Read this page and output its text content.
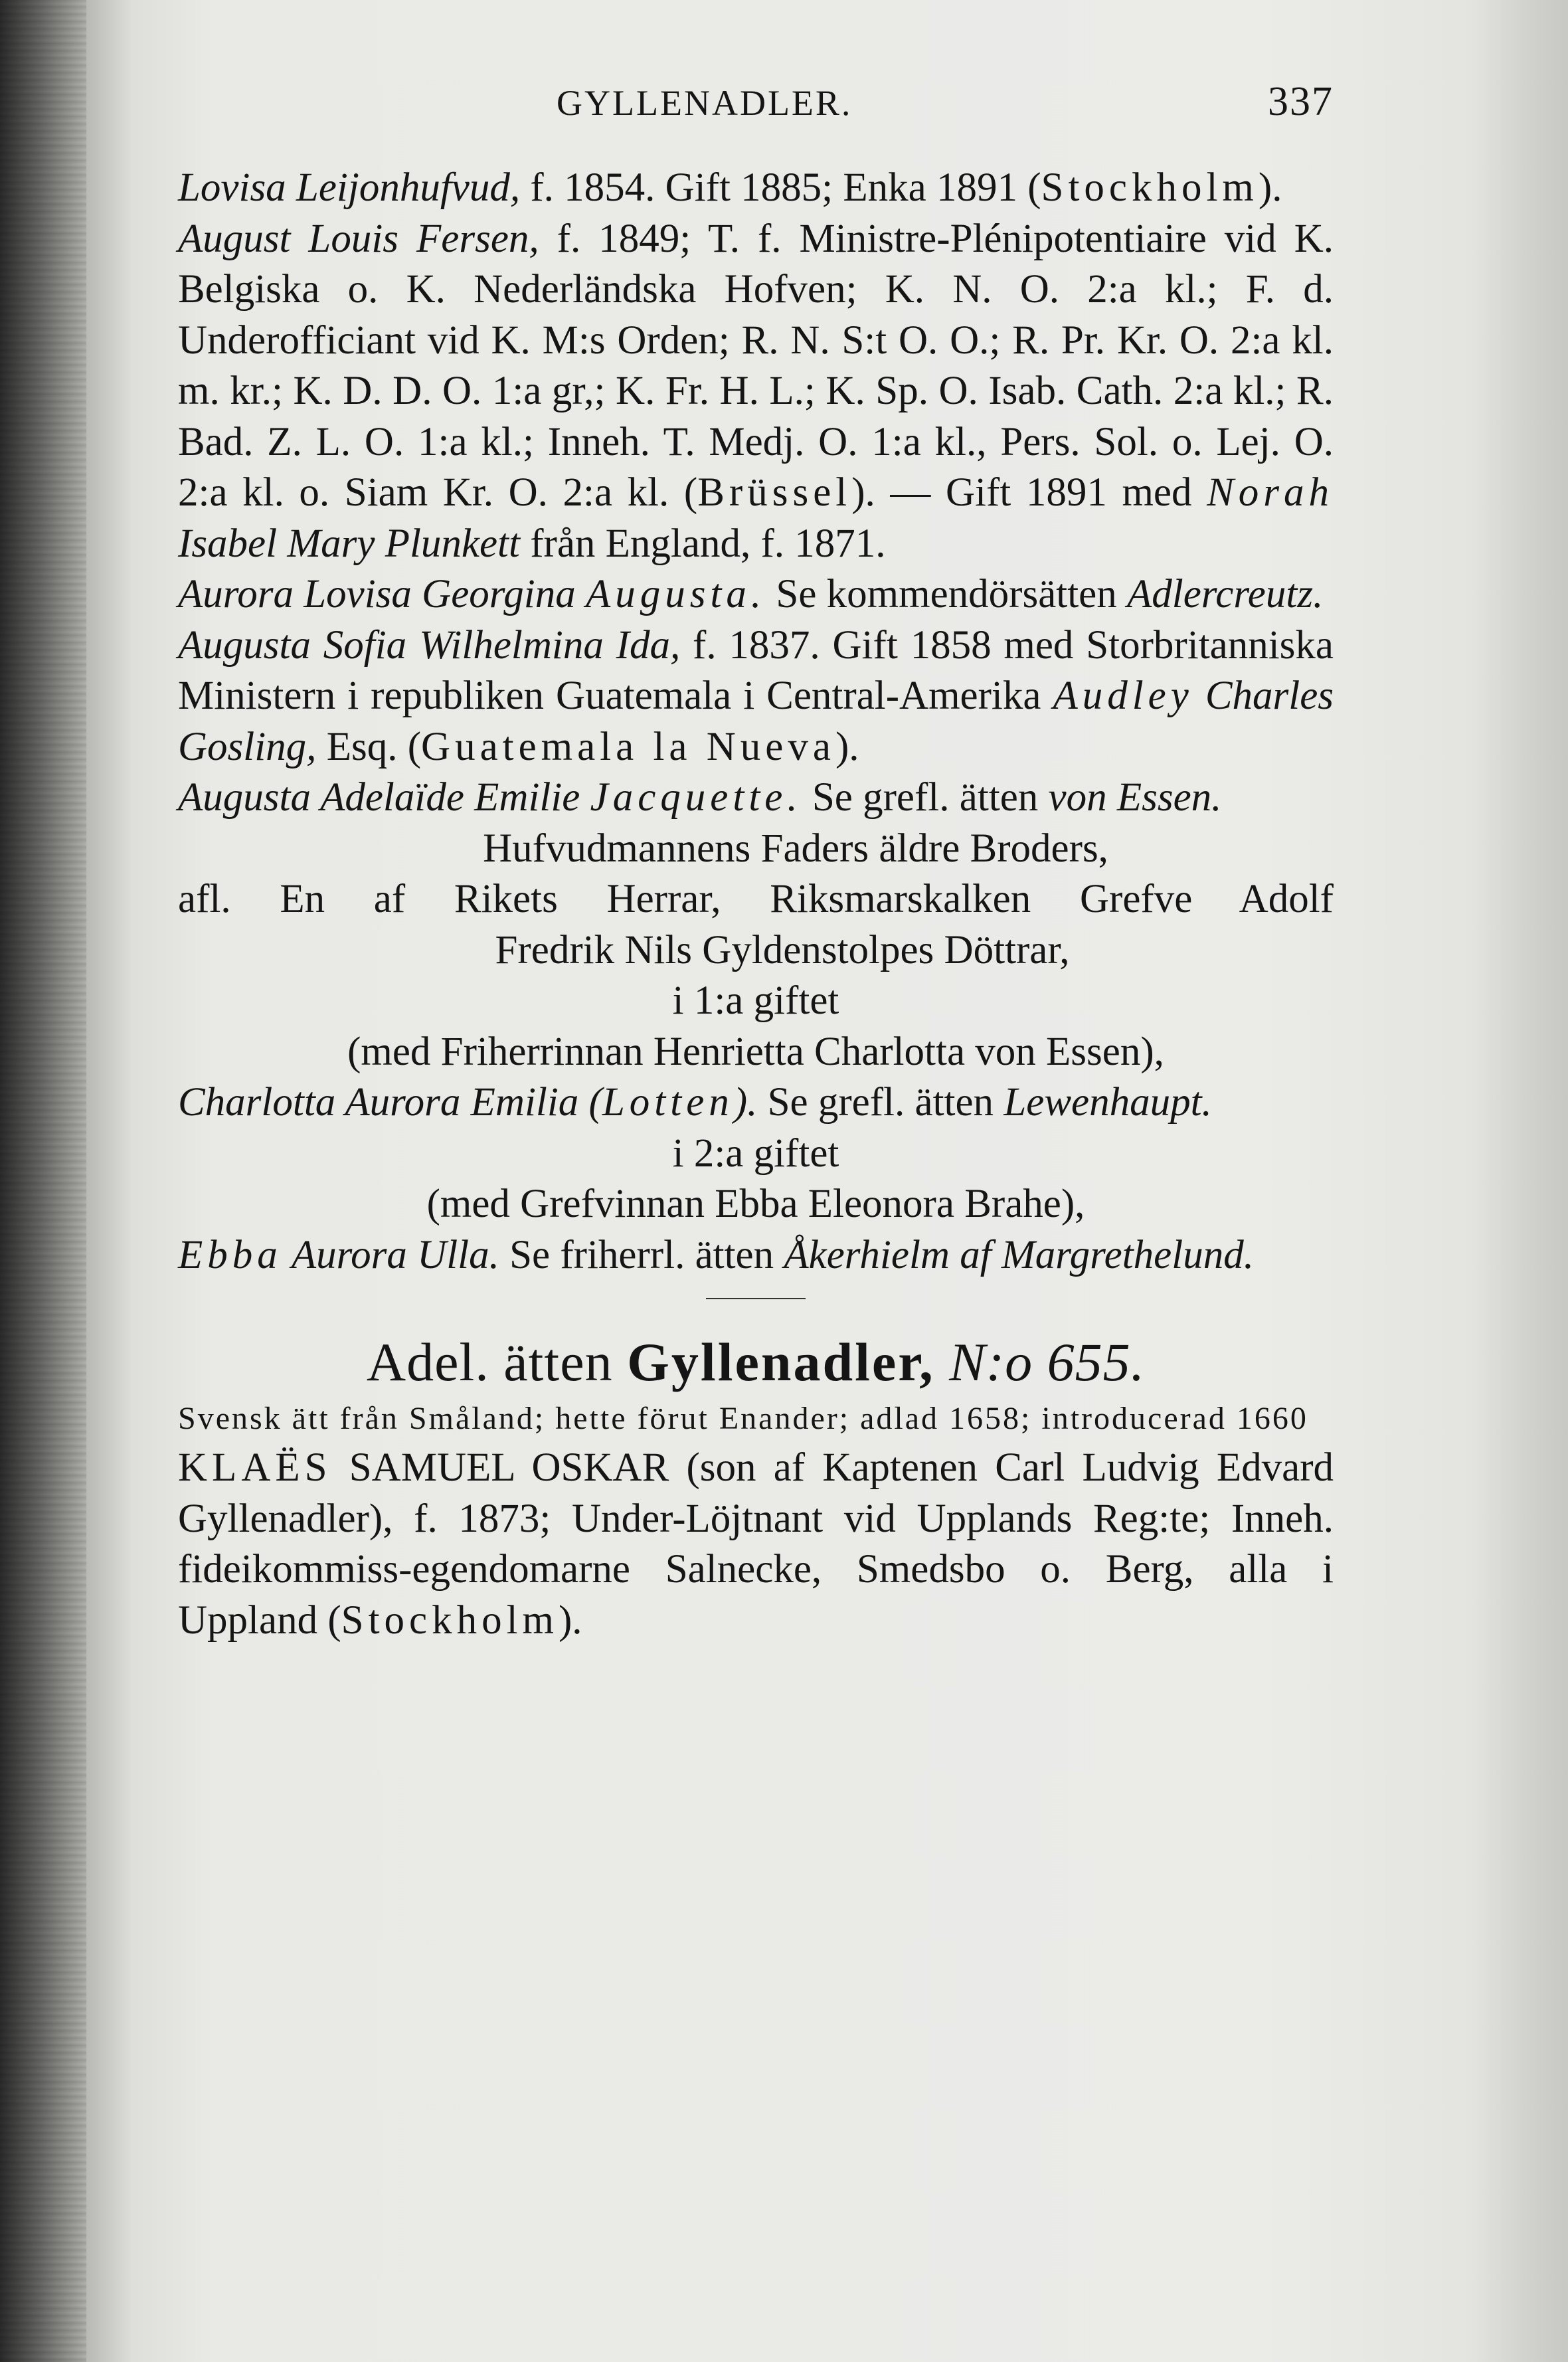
GYLLENADLER.	337

Lovisa Leijonhufvud, f. 1854. Gift 1885; Enka 1891 (Stockholm).

August Louis Fersen, f. 1849; T. f. Ministre-Plénipotentiaire vid K. Belgiska o. K. Nederländska Hofven; K. N. O. 2:a kl.; F. d. Underofficiant vid K. M:s Orden; R. N. S:t O. O.; R. Pr. Kr. O. 2:a kl. m. kr.; K. D. D. O. 1:a gr,; K. Fr. H. L.; K. Sp. O. Isab. Cath. 2:a kl.; R. Bad. Z. L. O. 1:a kl.; Inneh. T. Medj. O. 1:a kl., Pers. Sol. o. Lej. O. 2:a kl. o. Siam Kr. O. 2:a kl. (Brüssel). — Gift 1891 med Norah Isabel Mary Plunkett från England, f. 1871.

Aurora Lovisa Georgina Augusta. Se kommendörsätten Adlercreutz.

Augusta Sofia Wilhelmina Ida, f. 1837. Gift 1858 med Storbritanniska Ministern i republiken Guatemala i Central-Amerika Audley Charles Gosling, Esq. (Guatemala la Nueva).

Augusta Adelaïde Emilie Jacquette. Se grefl. ätten von Essen.

Hufvudmannens Faders äldre Broders,
afl. En af Rikets Herrar, Riksmarskalken Grefve Adolf
Fredrik Nils Gyldenstolpes Döttrar,
i 1:a giftet
(med Friherrinnan Henrietta Charlotta von Essen),

Charlotta Aurora Emilia (Lotten). Se grefl. ätten Lewenhaupt.

i 2:a giftet
(med Grefvinnan Ebba Eleonora Brahe),

Ebba Aurora Ulla. Se friherrl. ätten Åkerhielm af Margrethelund.

Adel. ätten Gyllenadler, N:o 655.

Svensk ätt från Småland; hette förut Enander; adlad 1658; introducerad 1660

KLAËS SAMUEL OSKAR (son af Kaptenen Carl Ludvig Edvard Gyllenadler), f. 1873; Under-Löjtnant vid Upplands Reg:te; Inneh. fideikommiss-egendomarne Salnecke, Smedsbo o. Berg, alla i Uppland (Stockholm).
